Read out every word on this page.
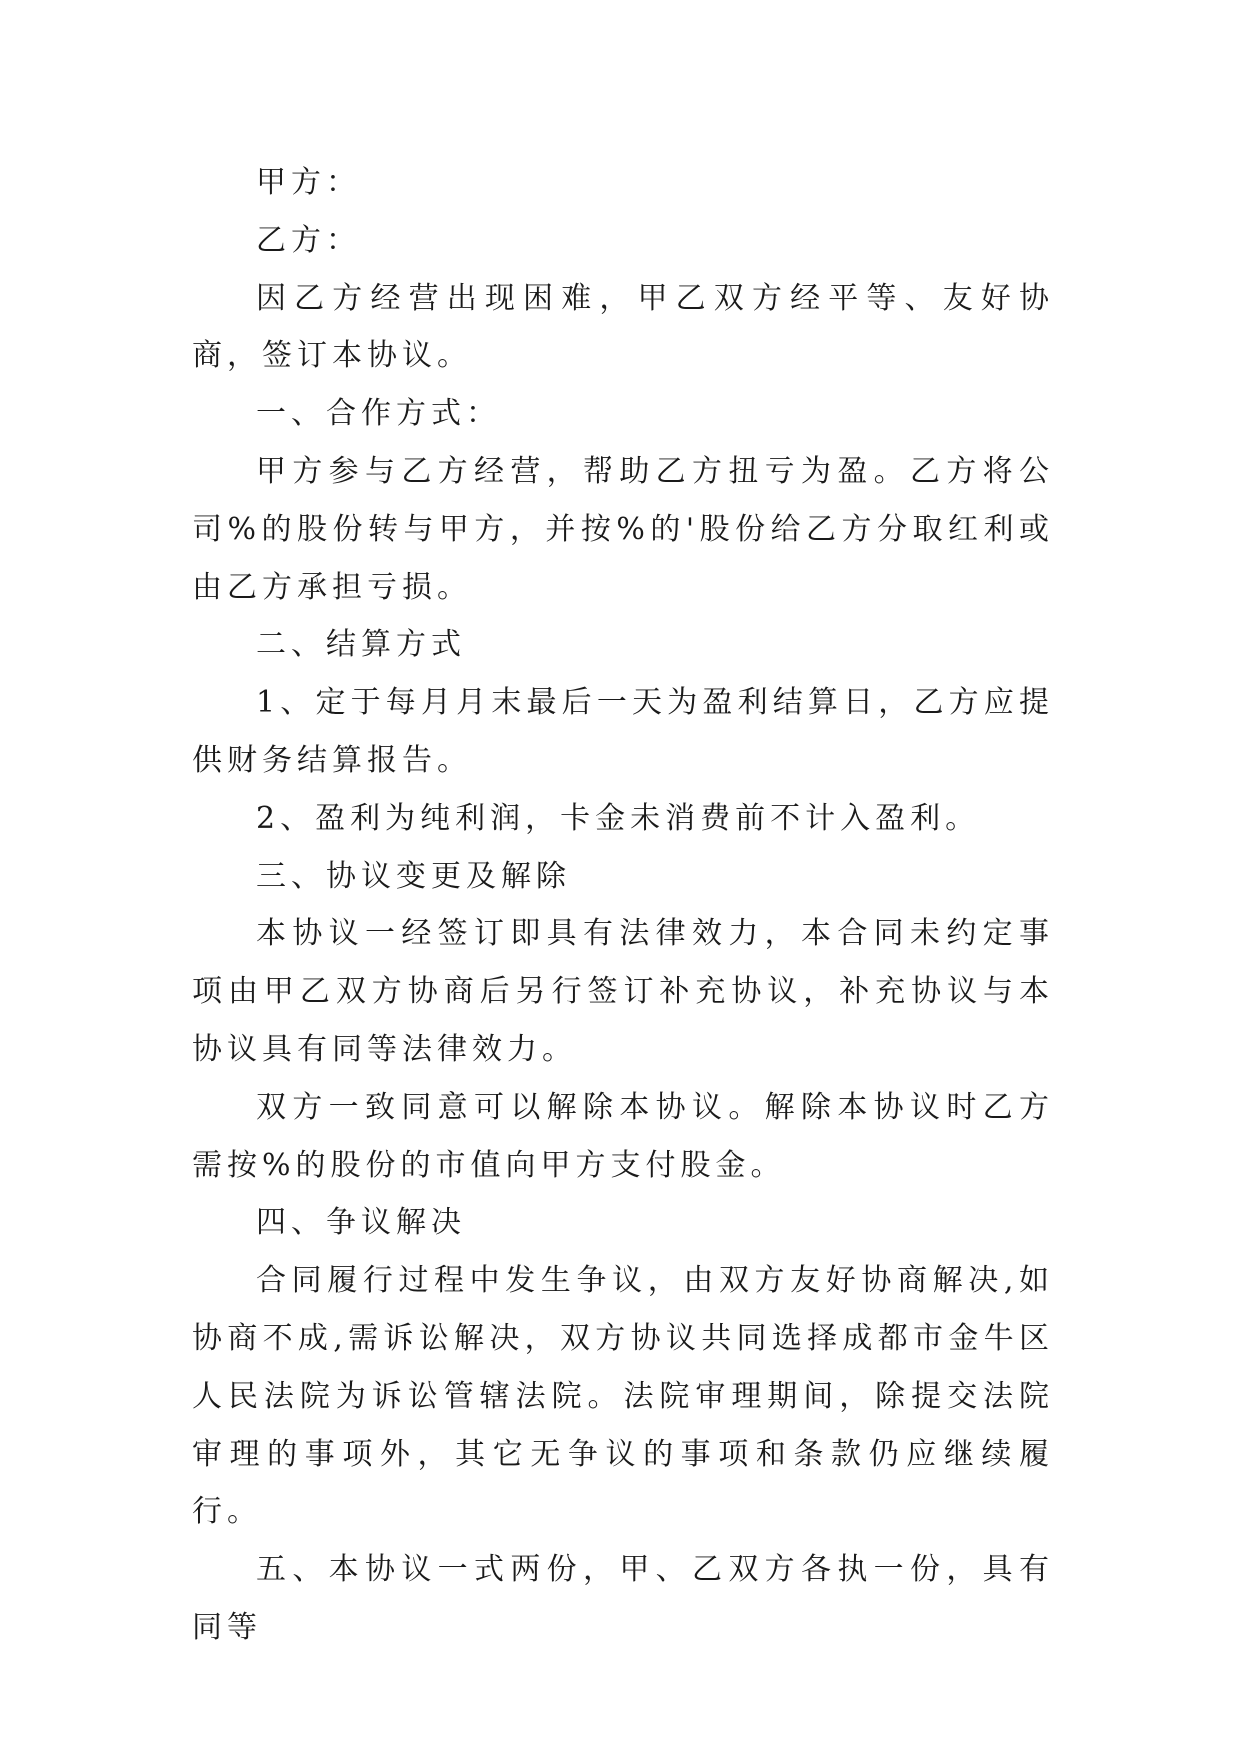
甲方：

乙方：

因乙方经营出现困难，甲乙双方经平等、友好协商，签订本协议。

一、合作方式：

甲方参与乙方经营，帮助乙方扭亏为盈。乙方将公司%的股份转与甲方，并按%的'股份给乙方分取红利或由乙方承担亏损。

二、结算方式

1、定于每月月末最后一天为盈利结算日，乙方应提供财务结算报告。

2、盈利为纯利润，卡金未消费前不计入盈利。

三、协议变更及解除

本协议一经签订即具有法律效力，本合同未约定事项由甲乙双方协商后另行签订补充协议，补充协议与本协议具有同等法律效力。

双方一致同意可以解除本协议。解除本协议时乙方需按%的股份的市值向甲方支付股金。

四、争议解决

合同履行过程中发生争议，由双方友好协商解决,如协商不成,需诉讼解决，双方协议共同选择成都市金牛区人民法院为诉讼管辖法院。法院审理期间，除提交法院审理的事项外，其它无争议的事项和条款仍应继续履行。

五、本协议一式两份，甲、乙双方各执一份，具有同等
